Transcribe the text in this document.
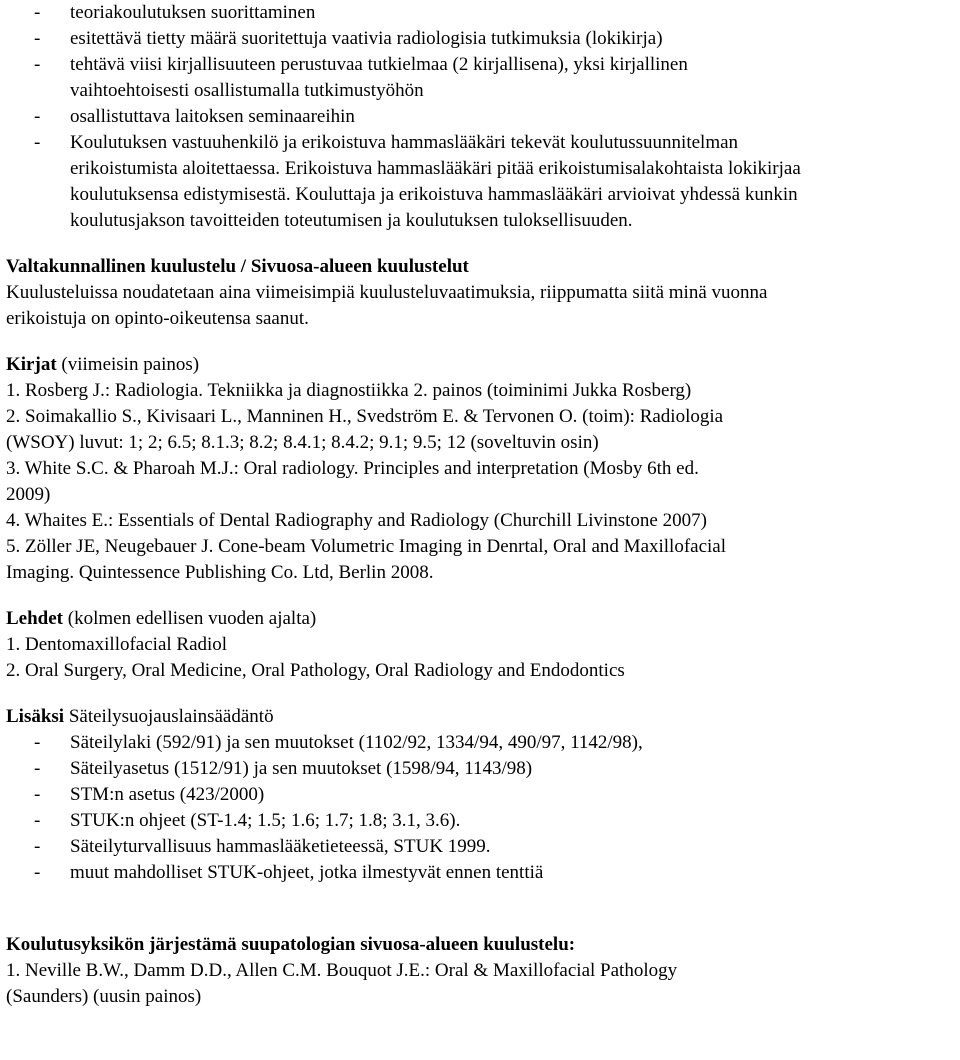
- teoriakoulutuksen suorittaminen
- esitettävä tietty määrä suoritettuja vaativia radiologisia tutkimuksia (lokikirja)
- tehtävä viisi kirjallisuuteen perustuvaa tutkielmaa (2 kirjallisena), yksi kirjallinen
vaihtoehtoisesti osallistumalla tutkimustyöhön
- osallistuttava laitoksen seminaareihin
- Koulutuksen vastuuhenkilö ja erikoistuva hammaslääkäri tekevät koulutussuunnitelman
erikoistumista aloitettaessa. Erikoistuva hammaslääkäri pitää erikoistumisalakohtaista lokikirjaa
koulutuksensa edistymisestä. Kouluttaja ja erikoistuva hammaslääkäri arvioivat yhdessä kunkin
koulutusjakson tavoitteiden toteutumisen ja koulutuksen tuloksellisuuden.
Valtakunnallinen kuulustelu / Sivuosa-alueen kuulustelut
Kuulusteluissa noudatetaan aina viimeisimpiä kuulusteluvaatimuksia, riippumatta siitä minä vuonna
erikoistuja on opinto-oikeutensa saanut.
Kirjat (viimeisin painos)
1. Rosberg J.: Radiologia. Tekniikka ja diagnostiikka 2. painos (toiminimi Jukka Rosberg)
2. Soimakallio S., Kivisaari L., Manninen H., Svedström E. & Tervonen O. (toim): Radiologia
(WSOY) luvut: 1; 2; 6.5; 8.1.3; 8.2; 8.4.1; 8.4.2; 9.1; 9.5; 12 (soveltuvin osin)
3. White S.C. & Pharoah M.J.: Oral radiology. Principles and interpretation (Mosby 6th ed.
2009)
4. Whaites E.: Essentials of Dental Radiography and Radiology (Churchill Livinstone 2007)
5. Zöller JE, Neugebauer J. Cone-beam Volumetric Imaging in Denrtal, Oral and Maxillofacial
Imaging. Quintessence Publishing Co. Ltd, Berlin 2008.
Lehdet (kolmen edellisen vuoden ajalta)
1. Dentomaxillofacial Radiol
2. Oral Surgery, Oral Medicine, Oral Pathology, Oral Radiology and Endodontics
Lisäksi Säteilysuojauslainsäädäntö
- Säteilylaki (592/91) ja sen muutokset (1102/92, 1334/94, 490/97, 1142/98),
- Säteilyasetus (1512/91) ja sen muutokset (1598/94, 1143/98)
- STM:n asetus (423/2000)
- STUK:n ohjeet (ST-1.4; 1.5; 1.6; 1.7; 1.8; 3.1, 3.6).
- Säteilyturvallisuus hammaslääketieteessä, STUK 1999.
- muut mahdolliset STUK-ohjeet, jotka ilmestyvät ennen tenttiä
Koulutusyksikön järjestämä suupatologian sivuosa-alueen kuulustelu:
1. Neville B.W., Damm D.D., Allen C.M. Bouquot J.E.: Oral & Maxillofacial Pathology
(Saunders) (uusin painos)
